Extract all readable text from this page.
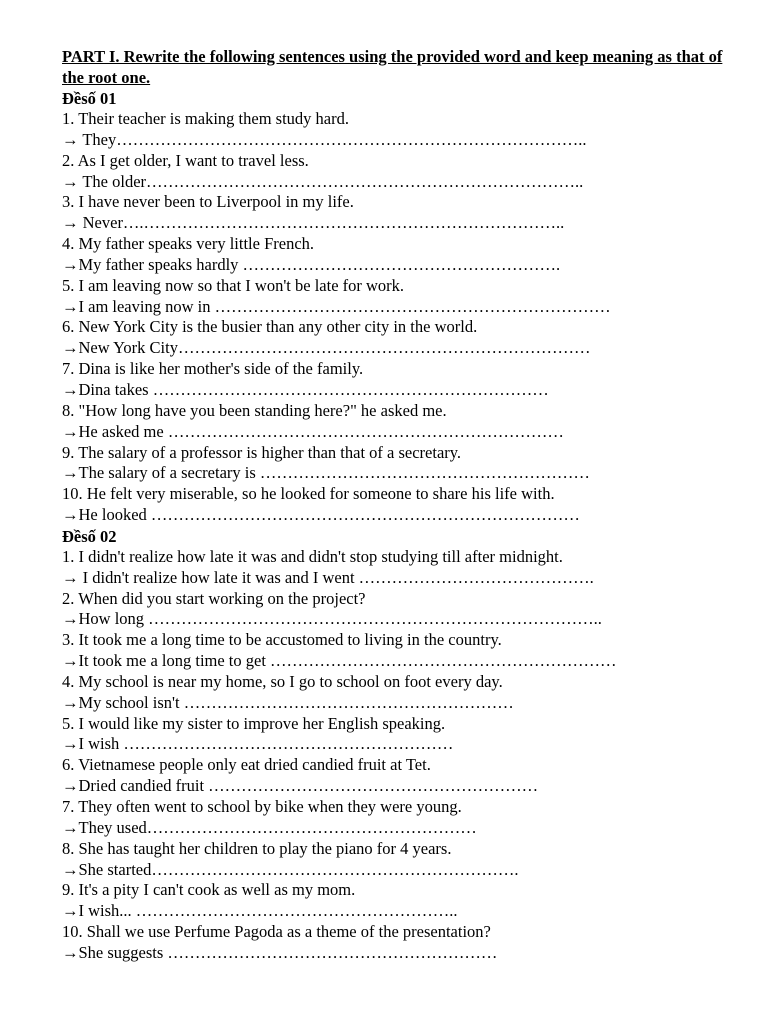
PART I. Rewrite the following sentences using the provided word and keep meaning as that of the root one.

Đềsố 01

1. Their teacher is making them study hard.

→ They…………………………………………………………………………..

2. As I get older, I want to travel less.

→ The older……………………………………………………………………..

3. I have never been to Liverpool in my life.

→ Never….…………………………………………………………………..

4. My father speaks very little French.

→My father speaks hardly ………………………………………………….

5. I am leaving now so that I won't be late for work.

→I am leaving now in ………………………………………………………………

6. New York City is the busier than any other city in the world.

→New York City…………………………………………………………………

7. Dina is like her mother's side of the family.

→Dina takes ………………………………………………………………

8. "How long have you been standing here?" he asked me.

→He asked me ………………………………………………………………

9. The salary of a professor is higher than that of a secretary.

→The salary of a secretary is ……………………………………………………

10. He felt very miserable, so he looked for someone to share his life with.

→He looked ……………………………………………………………………

Đềsố 02

1. I didn't realize how late it was and didn't stop studying till after midnight.

→ I didn't realize how late it was and I went …………………………………….

2. When did you start working on the project?

→How long ………………………………………………………………………..

3. It took me a long time to be accustomed to living in the country.

→It took me a long time to get ………………………………………………………

4. My school is near my home, so I go to school on foot every day.

→My school isn't ……………………………………………………

5. I would like my sister to improve her English speaking.

→I wish ……………………………………………………

6. Vietnamese people only eat dried candied fruit at Tet.

→Dried candied fruit ……………………………………………………

7. They often went to school by bike when they were young.

→They used……………………………………………………

8. She has taught her children to play the piano for 4 years.

→She started………………………………………………………….

9. It's a pity I can't cook as well as my mom.

→I wish... …………………………………………………..

10. Shall we use Perfume Pagoda as a theme of the presentation?

→She suggests ……………………………………………………
